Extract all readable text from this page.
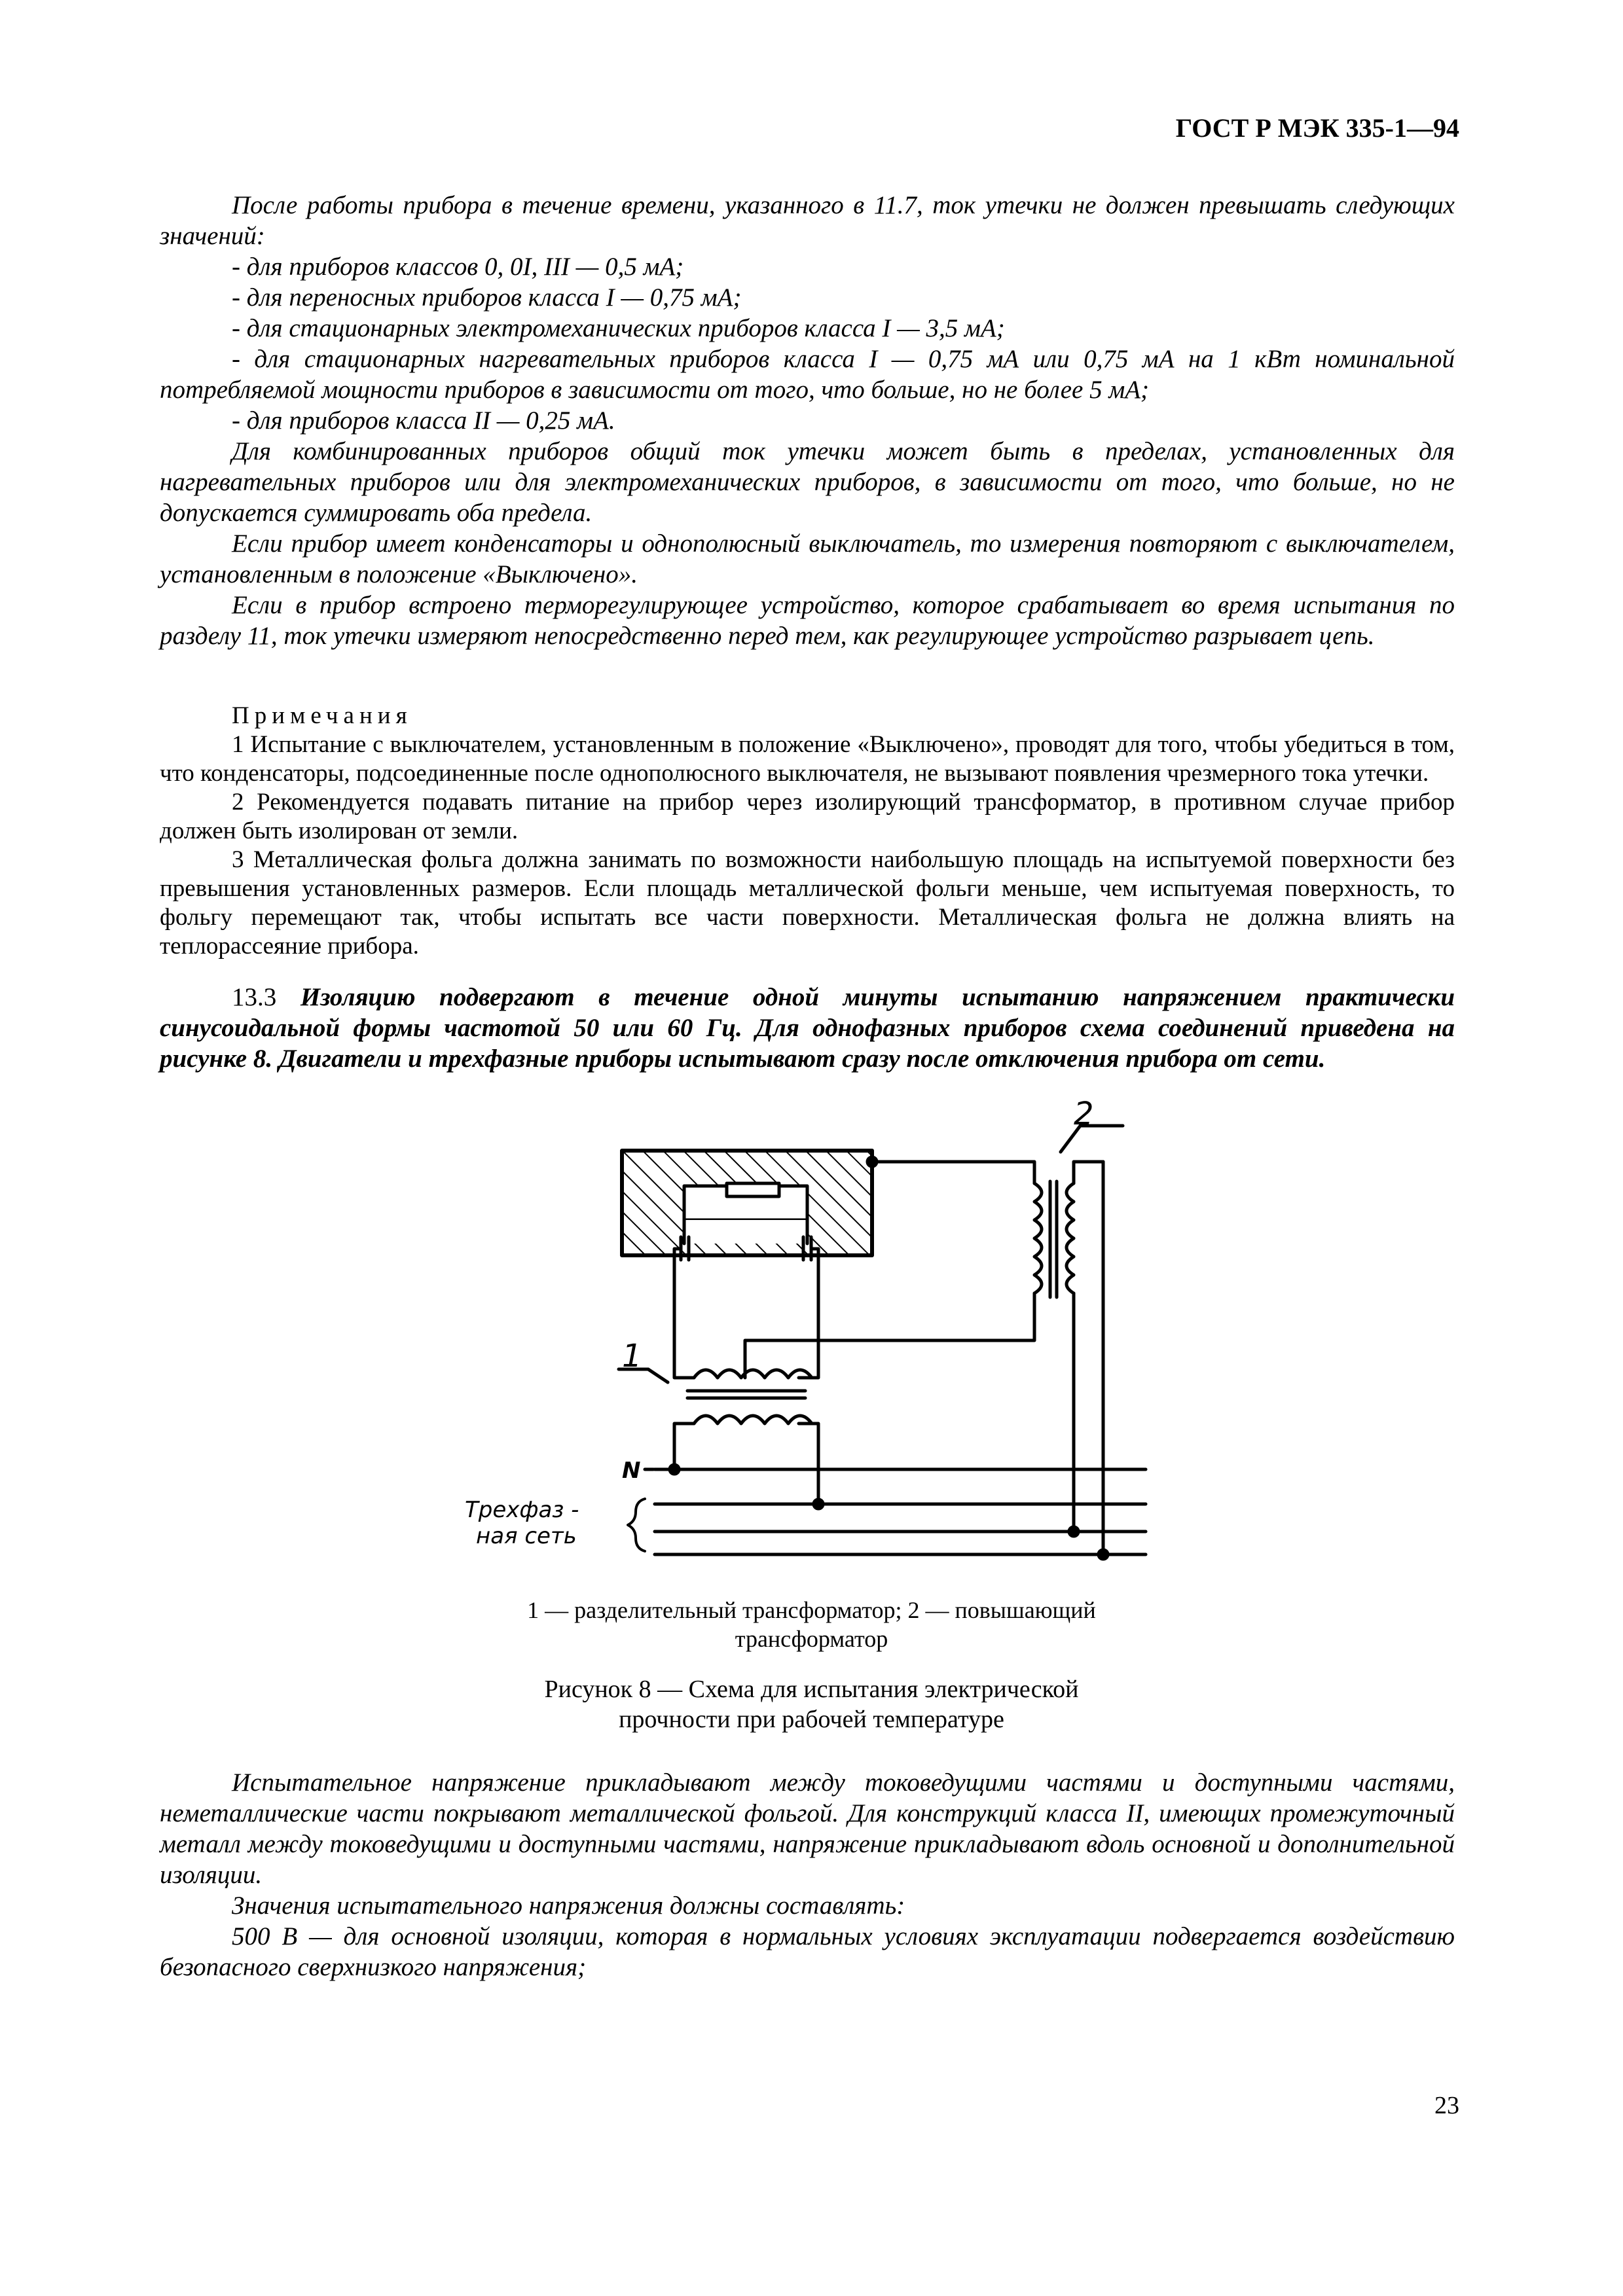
ГОСТ Р МЭК 335-1—94

После работы прибора в течение времени, указанного в 11.7, ток утечки не должен превышать следующих значений:

- для приборов классов 0, 0I, III — 0,5 мА;

- для переносных приборов класса I — 0,75 мА;

- для стационарных электромеханических приборов класса I — 3,5 мА;

- для стационарных нагревательных приборов класса I — 0,75 мА или 0,75 мА на 1 кВт номинальной потребляемой мощности приборов в зависимости от того, что больше, но не более 5 мА;

- для приборов класса II — 0,25 мА.

Для комбинированных приборов общий ток утечки может быть в пределах, установленных для нагревательных приборов или для электромеханических приборов, в зависимости от того, что больше, но не допускается суммировать оба предела.

Если прибор имеет конденсаторы и однополюсный выключатель, то измерения повторяют с выключателем, установленным в положение «Выключено».

Если в прибор встроено терморегулирующее устройство, которое срабатывает во время испытания по разделу 11, ток утечки измеряют непосредственно перед тем, как регулирующее устройство разрывает цепь.

Примечания

1 Испытание с выключателем, установленным в положение «Выключено», проводят для того, чтобы убедиться в том, что конденсаторы, подсоединенные после однополюсного выключателя, не вызывают появления чрезмерного тока утечки.

2 Рекомендуется подавать питание на прибор через изолирующий трансформатор, в противном случае прибор должен быть изолирован от земли.

3 Металлическая фольга должна занимать по возможности наибольшую площадь на испытуемой поверхности без превышения установленных размеров. Если площадь металлической фольги меньше, чем испытуемая поверхность, то фольгу перемещают так, чтобы испытать все части поверхности. Металлическая фольга не должна влиять на теплорассеяние прибора.

13.3 Изоляцию подвергают в течение одной минуты испытанию напряжением практически синусоидальной формы частотой 50 или 60 Гц. Для однофазных приборов схема соединений приведена на рисунке 8. Двигатели и трехфазные приборы испытывают сразу после отключения прибора от сети.

1
2
N
Трехфаз -
ная сеть
1 — разделительный трансформатор; 2 — повышающий
трансформатор
Рисунок 8 — Схема для испытания электрической
прочности при рабочей температуре

Испытательное напряжение прикладывают между токоведущими частями и доступными частями, неметаллические части покрывают металлической фольгой. Для конструкций класса II, имеющих промежуточный металл между токоведущими и доступными частями, напряжение прикладывают вдоль основной и дополнительной изоляции.

Значения испытательного напряжения должны составлять:

500 В — для основной изоляции, которая в нормальных условиях эксплуатации подвергается воздействию безопасного сверхнизкого напряжения;

23
